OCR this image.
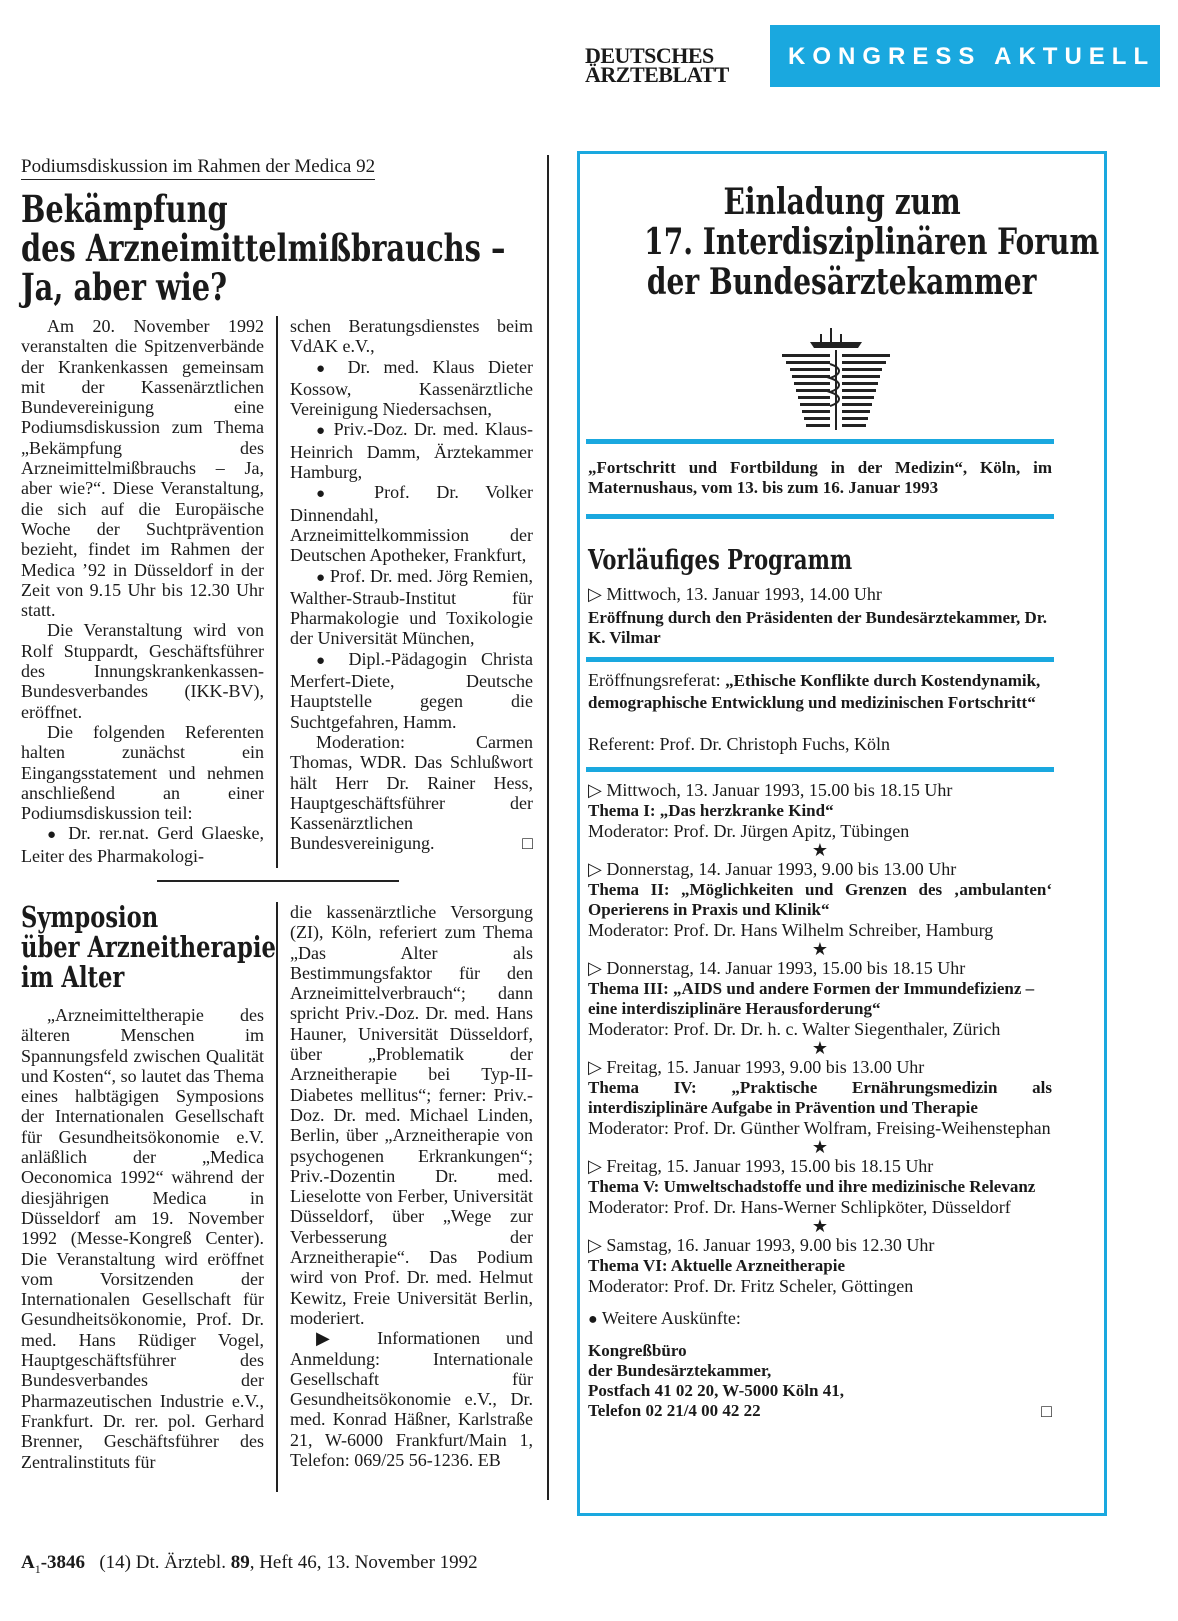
DEUTSCHES
ÄRZTEBLATT
KONGRESS AKTUELL
Podiumsdiskussion im Rahmen der Medica 92
Bekämpfung
des Arzneimittelmißbrauchs –
Ja, aber wie?

Am 20. November 1992 veranstalten die Spitzenverbände der Krankenkassen gemeinsam mit der Kassenärztlichen Bundevereinigung eine Podiumsdiskussion zum Thema „Bekämpfung des Arzneimittelmißbrauchs – Ja, aber wie?“. Diese Veranstaltung, die sich auf die Europäische Woche der Suchtprävention bezieht, findet im Rahmen der Medica ’92 in Düsseldorf in der Zeit von 9.15 Uhr bis 12.30 Uhr statt.

Die Veranstaltung wird von Rolf Stuppardt, Geschäftsführer des Innungskrankenkassen-Bundesverbandes (IKK-BV), eröffnet.

Die folgenden Referenten halten zunächst ein Eingangsstatement und nehmen anschließend an einer Podiumsdiskussion teil:

● Dr. rer.nat. Gerd Glaeske, Leiter des Pharmakologi-

schen Beratungsdienstes beim VdAK e.V.,

● Dr. med. Klaus Dieter Kossow, Kassenärztliche Vereinigung Niedersachsen,

● Priv.-Doz. Dr. med. Klaus-Heinrich Damm, Ärztekammer Hamburg,

● Prof. Dr. Volker Dinnendahl, Arzneimittelkommission der Deutschen Apotheker, Frankfurt,

● Prof. Dr. med. Jörg Remien, Walther-Straub-Institut für Pharmakologie und Toxikologie der Universität München,

● Dipl.-Pädagogin Christa Merfert-Diete, Deutsche Hauptstelle gegen die Suchtgefahren, Hamm.

Moderation: Carmen Thomas, WDR. Das Schlußwort hält Herr Dr. Rainer Hess, Hauptgeschäftsführer der Kassenärztlichen Bundesvereinigung.	□

Symposion
über Arzneitherapie
im Alter

„Arzneimitteltherapie des älteren Menschen im Spannungsfeld zwischen Qualität und Kosten“, so lautet das Thema eines halbtägigen Symposions der Internationalen Gesellschaft für Gesundheitsökonomie e.V. anläßlich der „Medica Oeconomica 1992“ während der diesjährigen Medica in Düsseldorf am 19. November 1992 (Messe-Kongreß Center). Die Veranstaltung wird eröffnet vom Vorsitzenden der Internationalen Gesellschaft für Gesundheitsökonomie, Prof. Dr. med. Hans Rüdiger Vogel, Hauptgeschäftsführer des Bundesverbandes der Pharmazeutischen Industrie e.V., Frankfurt. Dr. rer. pol. Gerhard Brenner, Geschäftsführer des Zentralinstituts für

die kassenärztliche Versorgung (ZI), Köln, referiert zum Thema „Das Alter als Bestimmungsfaktor für den Arzneimittelverbrauch“; dann spricht Priv.-Doz. Dr. med. Hans Hauner, Universität Düsseldorf, über „Problematik der Arzneitherapie bei Typ-II-Diabetes mellitus“; ferner: Priv.-Doz. Dr. med. Michael Linden, Berlin, über „Arzneitherapie von psychogenen Erkrankungen“; Priv.-Dozentin Dr. med. Lieselotte von Ferber, Universität Düsseldorf, über „Wege zur Verbesserung der Arzneitherapie“. Das Podium wird von Prof. Dr. med. Helmut Kewitz, Freie Universität Berlin, moderiert.

▶ Informationen und Anmeldung: Internationale Gesellschaft für Gesundheitsökonomie e.V., Dr. med. Konrad Häßner, Karlstraße 21, W-6000 Frankfurt/Main 1, Telefon: 069/25 56-1236. EB

$A_1-3846$ (14) Dt. Ärztebl. 89, Heft 46, 13. November 1992
Einladung zum
17. Interdisziplinären Forum
der Bundesärztekammer
„Fortschritt und Fortbildung in der Medizin“, Köln, im Maternushaus, vom 13. bis zum 16. Januar 1993
Vorläufiges Programm
▷ Mittwoch, 13. Januar 1993, 14.00 Uhr
Eröffnung durch den Präsidenten der Bundesärztekammer, Dr. K. Vilmar
Eröffnungsreferat: „Ethische Konflikte durch Kostendynamik, demographische Entwicklung und medizinischen Fortschritt“
Referent: Prof. Dr. Christoph Fuchs, Köln
▷ Mittwoch, 13. Januar 1993, 15.00 bis 18.15 Uhr
Thema I: „Das herzkranke Kind“
Moderator: Prof. Dr. Jürgen Apitz, Tübingen
★
▷ Donnerstag, 14. Januar 1993, 9.00 bis 13.00 Uhr
Thema II: „Möglichkeiten und Grenzen des ‚ambulanten‘ Operierens in Praxis und Klinik“
Moderator: Prof. Dr. Hans Wilhelm Schreiber, Hamburg
★
▷ Donnerstag, 14. Januar 1993, 15.00 bis 18.15 Uhr
Thema III: „AIDS und andere Formen der Immundefizienz – eine interdisziplinäre Herausforderung“
Moderator: Prof. Dr. Dr. h. c. Walter Siegenthaler, Zürich
★
▷ Freitag, 15. Januar 1993, 9.00 bis 13.00 Uhr
Thema IV: „Praktische Ernährungsmedizin als interdisziplinäre Aufgabe in Prävention und Therapie
Moderator: Prof. Dr. Günther Wolfram, Freising-Weihenstephan
★
▷ Freitag, 15. Januar 1993, 15.00 bis 18.15 Uhr
Thema V: Umweltschadstoffe und ihre medizinische Relevanz
Moderator: Prof. Dr. Hans-Werner Schlipköter, Düsseldorf
★
▷ Samstag, 16. Januar 1993, 9.00 bis 12.30 Uhr
Thema VI: Aktuelle Arzneitherapie
Moderator: Prof. Dr. Fritz Scheler, Göttingen
● Weitere Auskünfte:
Kongreßbüro
der Bundesärztekammer,
Postfach 41 02 20, W-5000 Köln 41,
Telefon 02 21/4 00 42 22	□
